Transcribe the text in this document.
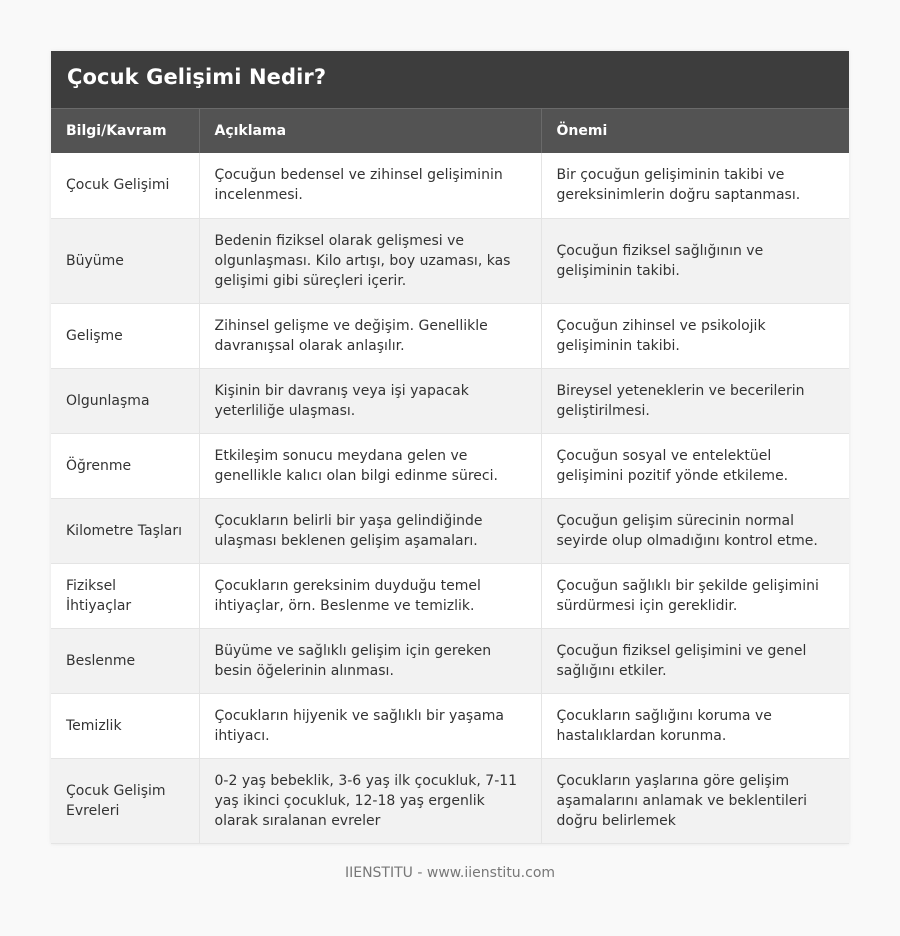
Çocuk Gelişimi Nedir?
Bilgi/Kavram	Açıklama	Önemi
Çocuk Gelişimi	Çocuğun bedensel ve zihinsel gelişiminin incelenmesi.	Bir çocuğun gelişiminin takibi ve gereksinimlerin doğru saptanması.
Büyüme	Bedenin fiziksel olarak gelişmesi ve olgunlaşması. Kilo artışı, boy uzaması, kas gelişimi gibi süreçleri içerir.	Çocuğun fiziksel sağlığının ve gelişiminin takibi.
Gelişme	Zihinsel gelişme ve değişim. Genellikle davranışsal olarak anlaşılır.	Çocuğun zihinsel ve psikolojik gelişiminin takibi.
Olgunlaşma	Kişinin bir davranış veya işi yapacak yeterliliğe ulaşması.	Bireysel yeteneklerin ve becerilerin geliştirilmesi.
Öğrenme	Etkileşim sonucu meydana gelen ve genellikle kalıcı olan bilgi edinme süreci.	Çocuğun sosyal ve entelektüel gelişimini pozitif yönde etkileme.
Kilometre Taşları	Çocukların belirli bir yaşa gelindiğinde ulaşması beklenen gelişim aşamaları.	Çocuğun gelişim sürecinin normal seyirde olup olmadığını kontrol etme.
Fiziksel İhtiyaçlar	Çocukların gereksinim duyduğu temel ihtiyaçlar, örn. Beslenme ve temizlik.	Çocuğun sağlıklı bir şekilde gelişimini sürdürmesi için gereklidir.
Beslenme	Büyüme ve sağlıklı gelişim için gereken besin öğelerinin alınması.	Çocuğun fiziksel gelişimini ve genel sağlığını etkiler.
Temizlik	Çocukların hijyenik ve sağlıklı bir yaşama ihtiyacı.	Çocukların sağlığını koruma ve hastalıklardan korunma.
Çocuk Gelişim Evreleri	0-2 yaş bebeklik, 3-6 yaş ilk çocukluk, 7-11 yaş ikinci çocukluk, 12-18 yaş ergenlik olarak sıralanan evreler	Çocukların yaşlarına göre gelişim aşamalarını anlamak ve beklentileri doğru belirlemek
IIENSTITU - www.iienstitu.com
